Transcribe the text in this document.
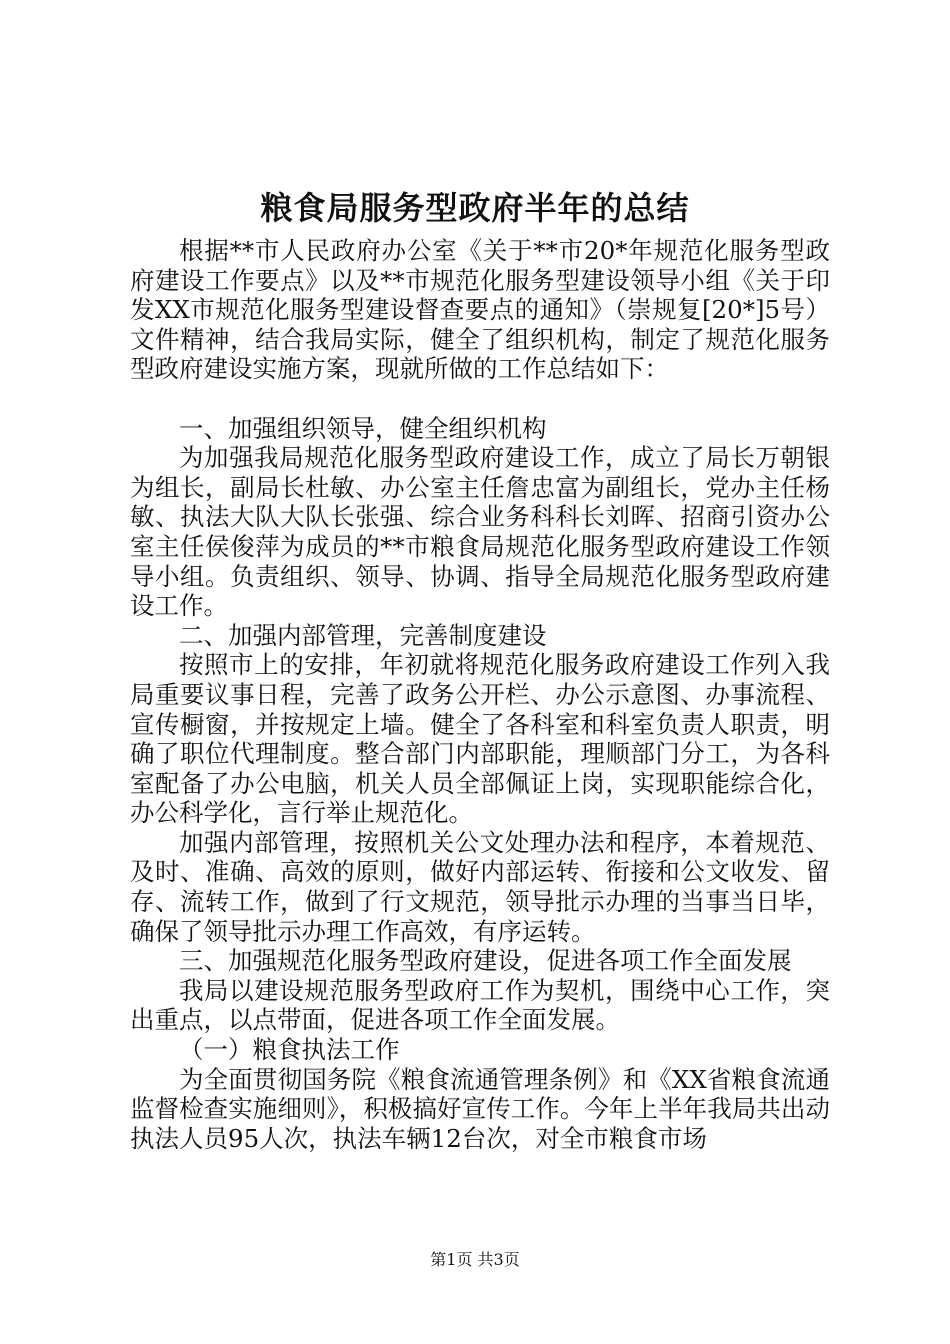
粮食局服务型政府半年的总结

根据**市人民政府办公室《关于**市20*年规范化服务型政府建设工作要点》以及**市规范化服务型建设领导小组《关于印发XX市规范化服务型建设督查要点的通知》（崇规复[20*]5号）文件精神，结合我局实际，健全了组织机构，制定了规范化服务型政府建设实施方案，现就所做的工作总结如下：

一、加强组织领导，健全组织机构

为加强我局规范化服务型政府建设工作，成立了局长万朝银为组长，副局长杜敏、办公室主任詹忠富为副组长，党办主任杨敏、执法大队大队长张强、综合业务科科长刘晖、招商引资办公室主任侯俊萍为成员的**市粮食局规范化服务型政府建设工作领导小组。负责组织、领导、协调、指导全局规范化服务型政府建设工作。

二、加强内部管理，完善制度建设

按照市上的安排，年初就将规范化服务政府建设工作列入我局重要议事日程，完善了政务公开栏、办公示意图、办事流程、宣传橱窗，并按规定上墙。健全了各科室和科室负责人职责，明确了职位代理制度。整合部门内部职能，理顺部门分工，为各科室配备了办公电脑，机关人员全部佩证上岗，实现职能综合化，办公科学化，言行举止规范化。

加强内部管理，按照机关公文处理办法和程序，本着规范、及时、准确、高效的原则，做好内部运转、衔接和公文收发、留存、流转工作，做到了行文规范，领导批示办理的当事当日毕，确保了领导批示办理工作高效，有序运转。

三、加强规范化服务型政府建设，促进各项工作全面发展

我局以建设规范服务型政府工作为契机，围绕中心工作，突出重点，以点带面，促进各项工作全面发展。

（一）粮食执法工作

为全面贯彻国务院《粮食流通管理条例》和《XX省粮食流通监督检查实施细则》，积极搞好宣传工作。今年上半年我局共出动执法人员95人次，执法车辆12台次，对全市粮食市场

第1页 共3页
